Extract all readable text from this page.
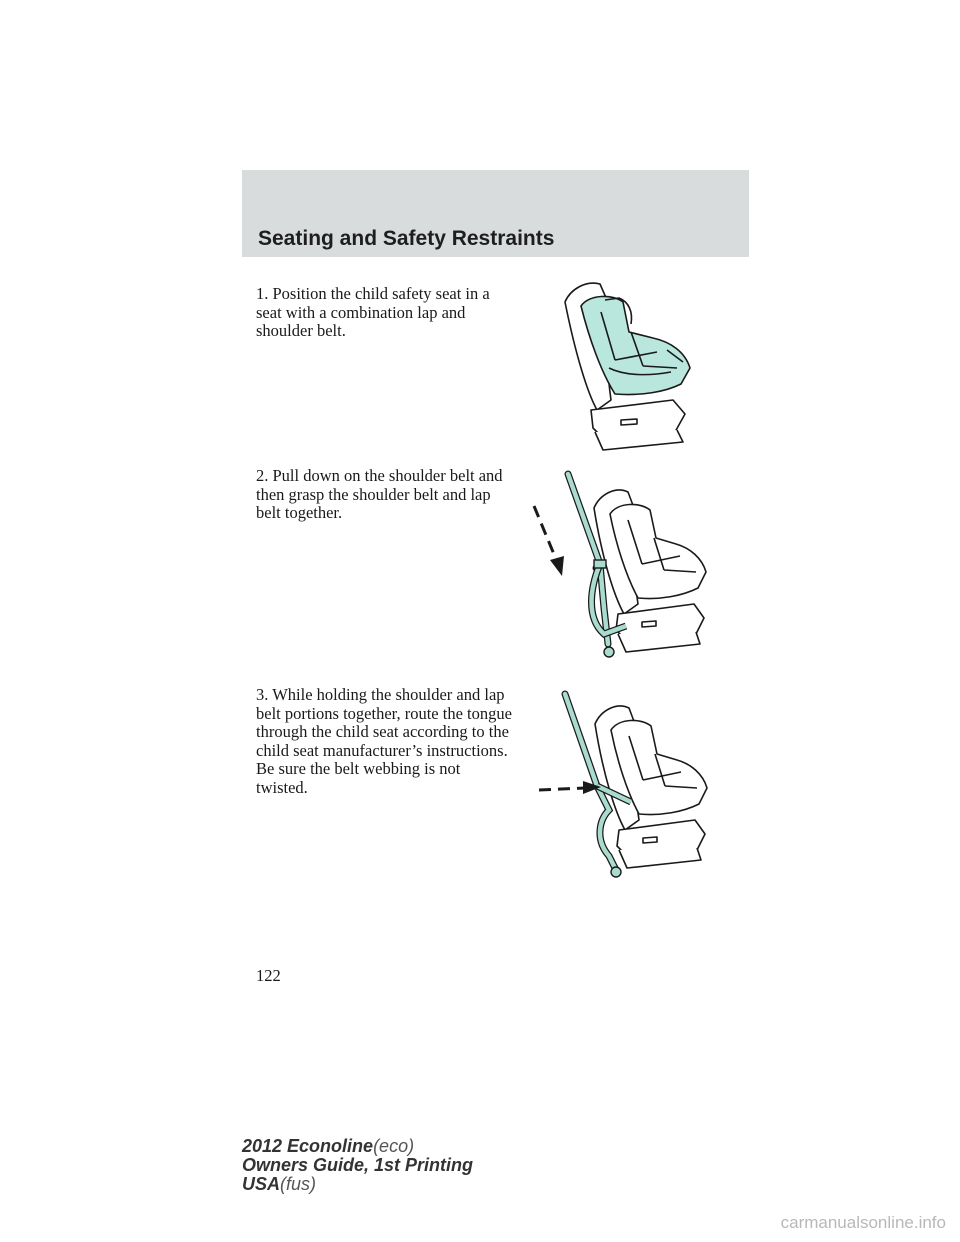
Seating and Safety Restraints
1. Position the child safety seat in a seat with a combination lap and shoulder belt.
2. Pull down on the shoulder belt and then grasp the shoulder belt and lap belt together.
3. While holding the shoulder and lap belt portions together, route the tongue through the child seat according to the child seat manufacturer’s instructions. Be sure the belt webbing is not twisted.
122
2012 Econoline(eco)
Owners Guide, 1st Printing
USA(fus)
carmanualsonline.info
